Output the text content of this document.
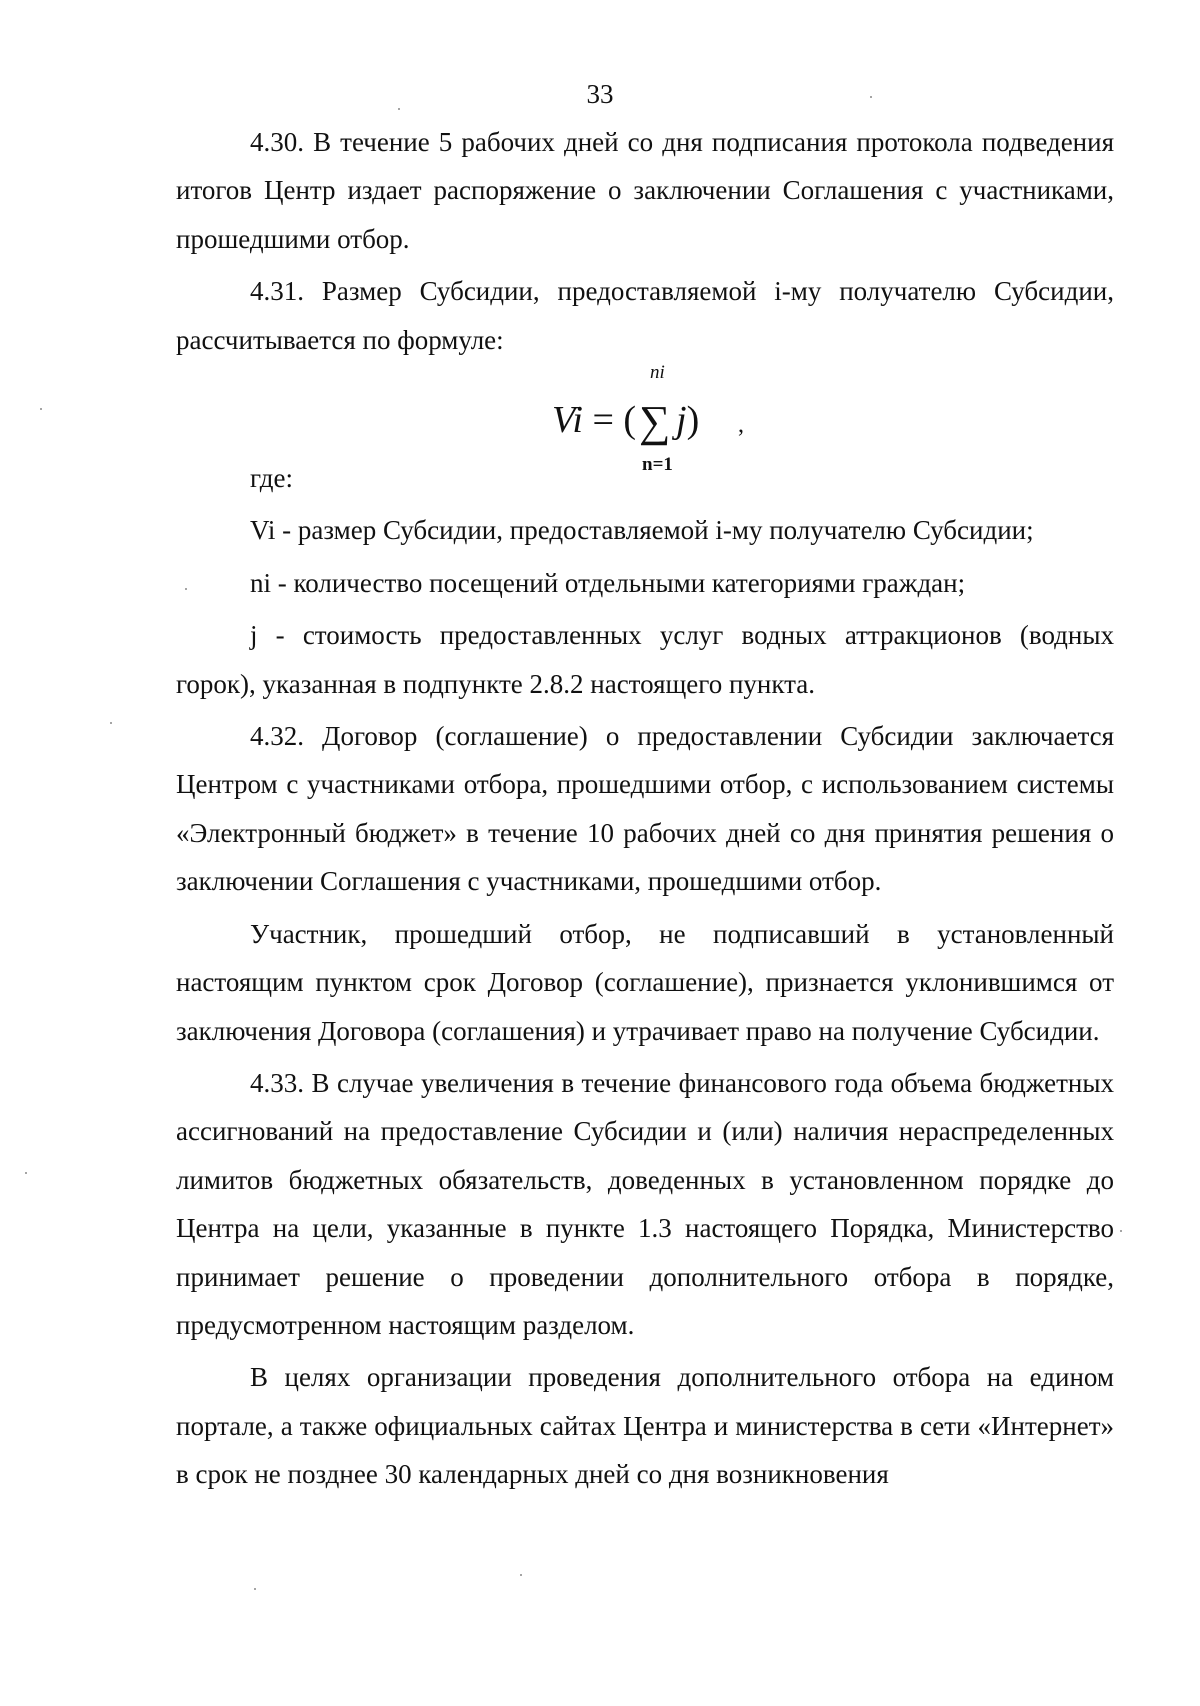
33

4.30. В течение 5 рабочих дней со дня подписания протокола подведения итогов Центр издает распоряжение о заключении Соглашения с участниками, прошедшими отбор.

4.31. Размер Субсидии, предоставляемой i-му получателю Субсидии, рассчитывается по формуле:

ni
Vi = ( j)
∑
n=1
,

где:

Vi - размер Субсидии, предоставляемой i-му получателю Субсидии;

ni - количество посещений отдельными категориями граждан;

j - стоимость предоставленных услуг водных аттракционов (водных горок), указанная в подпункте 2.8.2 настоящего пункта.

4.32. Договор (соглашение) о предоставлении Субсидии заключается Центром с участниками отбора, прошедшими отбор, с использованием системы «Электронный бюджет» в течение 10 рабочих дней со дня принятия решения о заключении Соглашения с участниками, прошедшими отбор.

Участник, прошедший отбор, не подписавший в установленный настоящим пунктом срок Договор (соглашение), признается уклонившимся от заключения Договора (соглашения) и утрачивает право на получение Субсидии.

4.33. В случае увеличения в течение финансового года объема бюджетных ассигнований на предоставление Субсидии и (или) наличия нераспределенных лимитов бюджетных обязательств, доведенных в установленном порядке до Центра на цели, указанные в пункте 1.3 настоящего Порядка, Министерство принимает решение о проведении дополнительного отбора в порядке, предусмотренном настоящим разделом.

В целях организации проведения дополнительного отбора на едином портале, а также официальных сайтах Центра и министерства в сети «Интернет» в срок не позднее 30 календарных дней со дня возникновения
